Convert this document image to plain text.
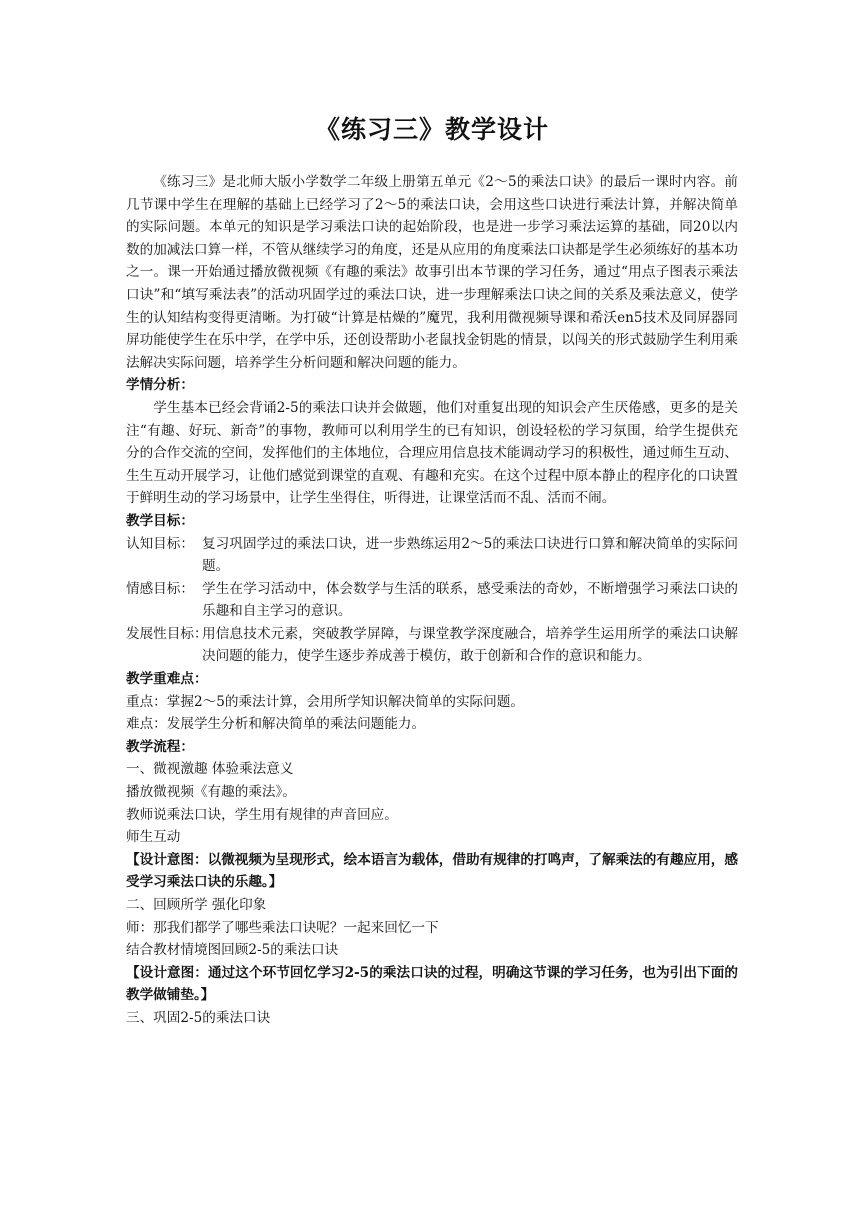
《练习三》教学设计

《练习三》是北师大版小学数学二年级上册第五单元《2～5的乘法口诀》的最后一课时内容。前几节课中学生在理解的基础上已经学习了2～5的乘法口诀，会用这些口诀进行乘法计算，并解决简单的实际问题。本单元的知识是学习乘法口诀的起始阶段，也是进一步学习乘法运算的基础，同20以内数的加减法口算一样，不管从继续学习的角度，还是从应用的角度乘法口诀都是学生必须练好的基本功之一。课一开始通过播放微视频《有趣的乘法》故事引出本节课的学习任务，通过“用点子图表示乘法口诀”和“填写乘法表”的活动巩固学过的乘法口诀，进一步理解乘法口诀之间的关系及乘法意义，使学生的认知结构变得更清晰。为打破“计算是枯燥的”魔咒，我利用微视频导课和希沃en5技术及同屏器同屏功能使学生在乐中学，在学中乐，还创设帮助小老鼠找金钥匙的情景，以闯关的形式鼓励学生利用乘法解决实际问题，培养学生分析问题和解决问题的能力。

学情分析：

学生基本已经会背诵2-5的乘法口诀并会做题，他们对重复出现的知识会产生厌倦感，更多的是关注“有趣、好玩、新奇”的事物，教师可以利用学生的已有知识，创设轻松的学习氛围，给学生提供充分的合作交流的空间，发挥他们的主体地位，合理应用信息技术能调动学习的积极性，通过师生互动、生生互动开展学习，让他们感觉到课堂的直观、有趣和充实。在这个过程中原本静止的程序化的口诀置于鲜明生动的学习场景中，让学生坐得住，听得进，让课堂活而不乱、活而不闹。

教学目标：

认知目标： 复习巩固学过的乘法口诀，进一步熟练运用2～5的乘法口诀进行口算和解决简单的实际问题。
情感目标： 学生在学习活动中，体会数学与生活的联系，感受乘法的奇妙，不断增强学习乘法口诀的乐趣和自主学习的意识。
发展性目标：
用信息技术元素，突破教学屏障，与课堂教学深度融合，培养学生运用所学的乘法口诀解决问题的能力，使学生逐步养成善于模仿，敢于创新和合作的意识和能力。

教学重难点：

重点：掌握2～5的乘法计算，会用所学知识解决简单的实际问题。

难点：发展学生分析和解决简单的乘法问题能力。

教学流程：

一、微视激趣 体验乘法意义

播放微视频《有趣的乘法》。

教师说乘法口诀，学生用有规律的声音回应。

师生互动

【设计意图：以微视频为呈现形式，绘本语言为载体，借助有规律的打鸣声，了解乘法的有趣应用，感受学习乘法口诀的乐趣。】

二、回顾所学 强化印象

师：那我们都学了哪些乘法口诀呢？一起来回忆一下

结合教材情境图回顾2-5的乘法口诀

【设计意图：通过这个环节回忆学习2-5的乘法口诀的过程，明确这节课的学习任务，也为引出下面的教学做铺垫。】

三、巩固2-5的乘法口诀
